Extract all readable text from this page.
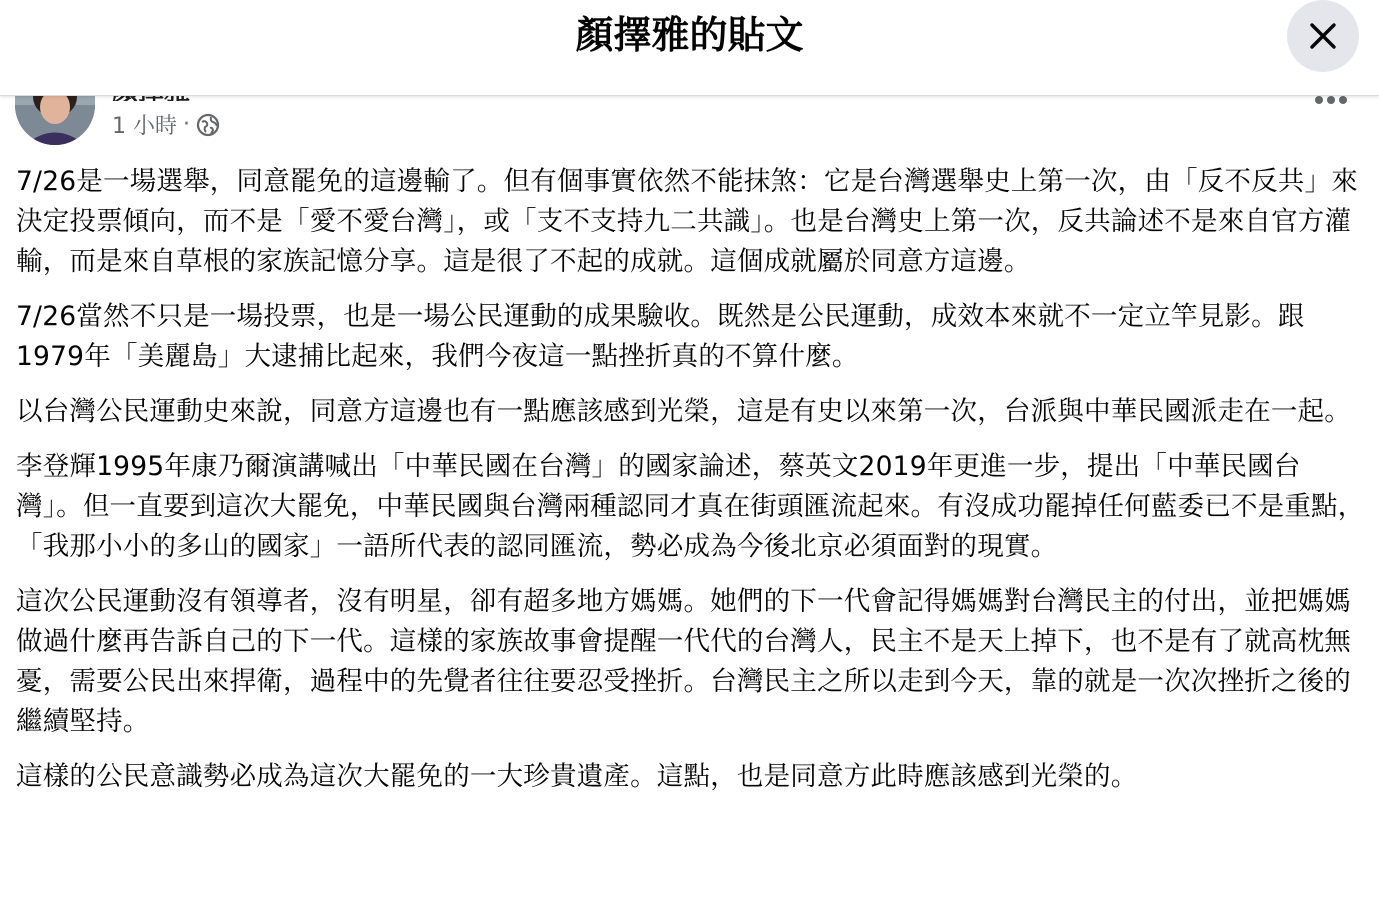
1 小時 ·

7/26是一場選舉，同意罷免的這邊輸了。但有個事實依然不能抹煞：它是台灣選舉史上第一次，由「反不反共」來決定投票傾向，而不是「愛不愛台灣」，或「支不支持九二共識」。也是台灣史上第一次，反共論述不是來自官方灌輸，而是來自草根的家族記憶分享。這是很了不起的成就。這個成就屬於同意方這邊。

7/26當然不只是一場投票，也是一場公民運動的成果驗收。既然是公民運動，成效本來就不一定立竿見影。跟1979年「美麗島」大逮捕比起來，我們今夜這一點挫折真的不算什麼。

以台灣公民運動史來說，同意方這邊也有一點應該感到光榮，這是有史以來第一次，台派與中華民國派走在一起。

李登輝1995年康乃爾演講喊出「中華民國在台灣」的國家論述，蔡英文2019年更進一步，提出「中華民國台灣」。但一直要到這次大罷免，中華民國與台灣兩種認同才真在街頭匯流起來。有沒成功罷掉任何藍委已不是重點，「我那小小的多山的國家」一語所代表的認同匯流，勢必成為今後北京必須面對的現實。

這次公民運動沒有領導者，沒有明星，卻有超多地方媽媽。她們的下一代會記得媽媽對台灣民主的付出，並把媽媽做過什麼再告訴自己的下一代。這樣的家族故事會提醒一代代的台灣人，民主不是天上掉下，也不是有了就高枕無憂，需要公民出來捍衛，過程中的先覺者往往要忍受挫折。台灣民主之所以走到今天，靠的就是一次次挫折之後的繼續堅持。

這樣的公民意識勢必成為這次大罷免的一大珍貴遺產。這點，也是同意方此時應該感到光榮的。

顏擇雅的貼文
